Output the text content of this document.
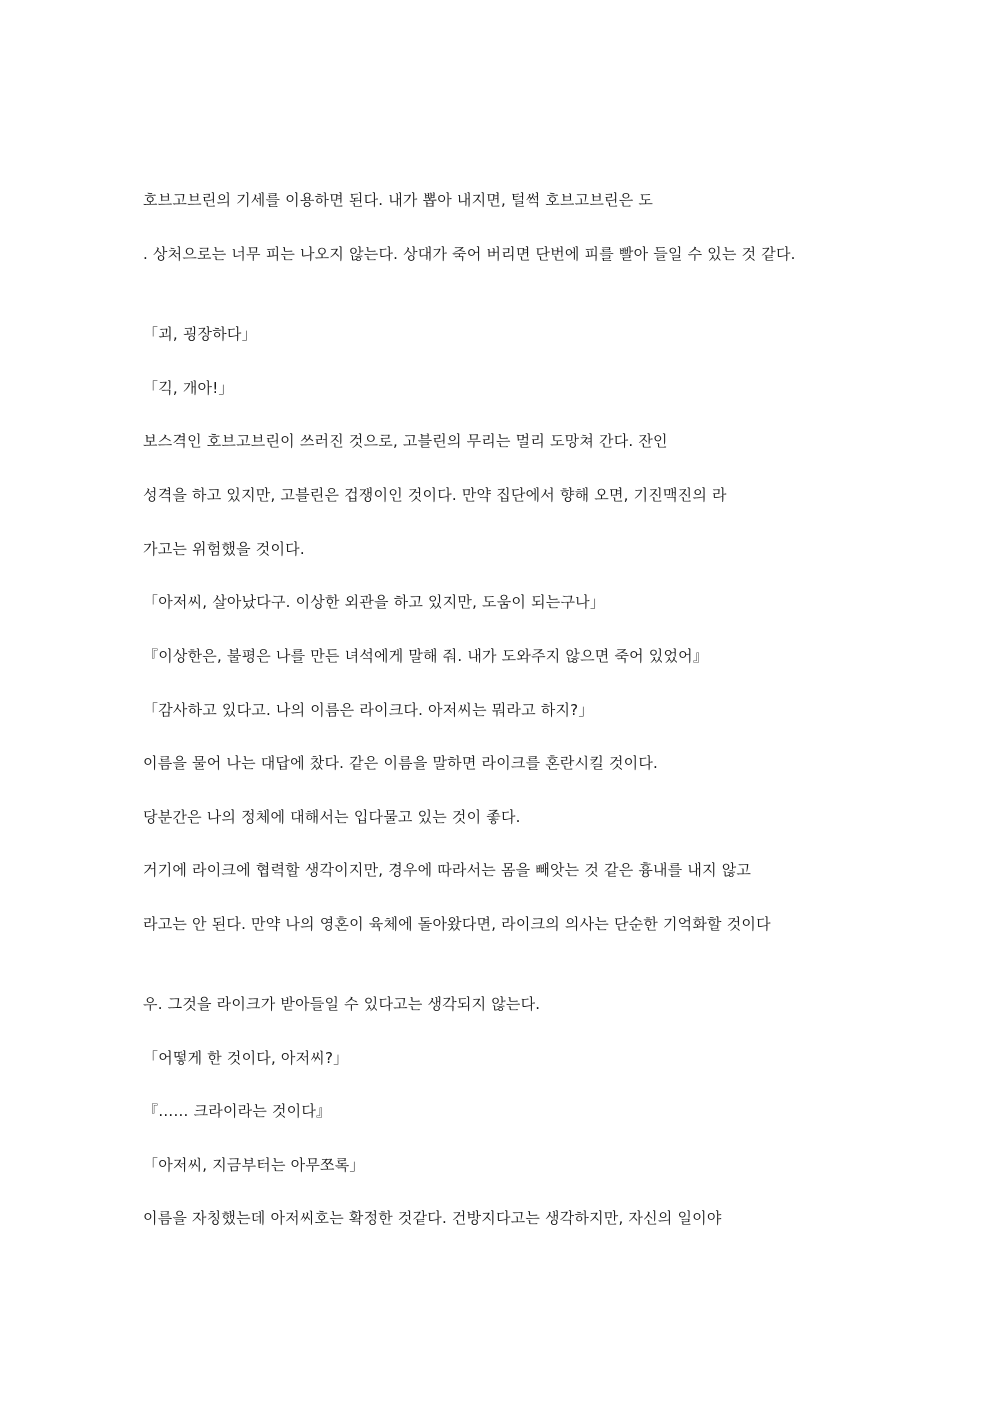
호브고브린의 기세를 이용하면 된다. 내가 뽑아 내지면, 털썩 호브고브린은 도

. 상처으로는 너무 피는 나오지 않는다. 상대가 죽어 버리면 단번에 피를 빨아 들일 수 있는 것 같다.

「괴, 굉장하다」

「긱, 개아!」

보스격인 호브고브린이 쓰러진 것으로, 고블린의 무리는 멀리 도망쳐 간다. 잔인

성격을 하고 있지만, 고블린은 겁쟁이인 것이다. 만약 집단에서 향해 오면, 기진맥진의 라

가고는 위험했을 것이다.

「아저씨, 살아났다구. 이상한 외관을 하고 있지만, 도움이 되는구나」

『이상한은, 불평은 나를 만든 녀석에게 말해 줘. 내가 도와주지 않으면 죽어 있었어』

「감사하고 있다고. 나의 이름은 라이크다. 아저씨는 뭐라고 하지?」

이름을 물어 나는 대답에 찼다. 같은 이름을 말하면 라이크를 혼란시킬 것이다.

당분간은 나의 정체에 대해서는 입다물고 있는 것이 좋다.

거기에 라이크에 협력할 생각이지만, 경우에 따라서는 몸을 빼앗는 것 같은 흉내를 내지 않고

라고는 안 된다. 만약 나의 영혼이 육체에 돌아왔다면, 라이크의 의사는 단순한 기억화할 것이다

우. 그것을 라이크가 받아들일 수 있다고는 생각되지 않는다.

「어떻게 한 것이다, 아저씨?」

『…… 크라이라는 것이다』

「아저씨, 지금부터는 아무쪼록」

이름을 자칭했는데 아저씨호는 확정한 것같다. 건방지다고는 생각하지만, 자신의 일이야
